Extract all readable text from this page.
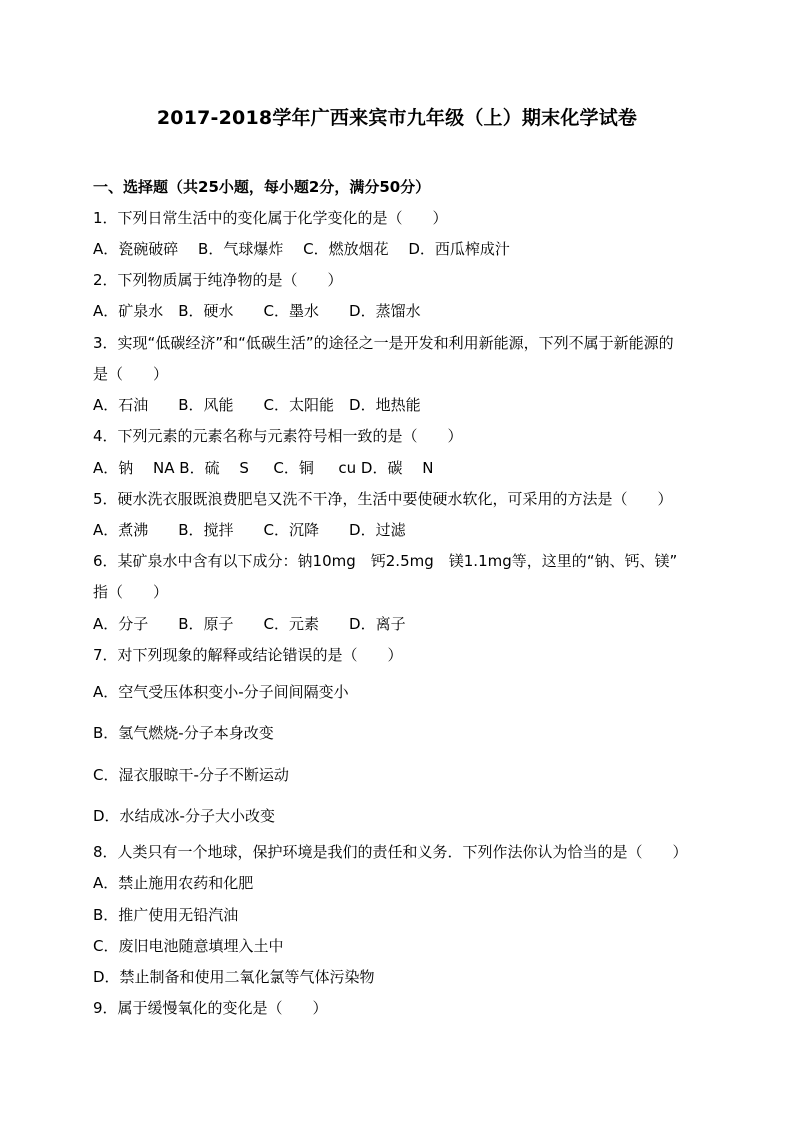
2017-2018学年广西来宾市九年级（上）期末化学试卷
一、选择题（共25小题，每小题2分，满分50分）
1．下列日常生活中的变化属于化学变化的是（　　）
A．瓷碗破碎　 B．气球爆炸　 C．燃放烟花　 D．西瓜榨成汁
2．下列物质属于纯净物的是（　　）
A．矿泉水　B．硬水　　C．墨水　　D．蒸馏水
3．实现“低碳经济”和“低碳生活”的途径之一是开发和利用新能源，下列不属于新能源的
是（　　）
A．石油　　B．风能　　C．太阳能　D．地热能
4．下列元素的元素名称与元素符号相一致的是（　　）
A．钠　 NA B．硫　 S　  C．铜　  cu D．碳　 N
5．硬水洗衣服既浪费肥皂又洗不干净，生活中要使硬水软化，可采用的方法是（　　）
A．煮沸　　B．搅拌　　C．沉降　　D．过滤
6．某矿泉水中含有以下成分：钠10mg　钙2.5mg　镁1.1mg等，这里的“钠、钙、镁”
指（　　）
A．分子　　B．原子　　C．元素　　D．离子
7．对下列现象的解释或结论错误的是（　　）
A．空气受压体积变小-分子间间隔变小
B．氢气燃烧-分子本身改变
C．湿衣服晾干-分子不断运动
D．水结成冰-分子大小改变
8．人类只有一个地球，保护环境是我们的责任和义务．下列作法你认为恰当的是（　　）
A．禁止施用农药和化肥
B．推广使用无铅汽油
C．废旧电池随意填埋入土中
D．禁止制备和使用二氧化氯等气体污染物
9．属于缓慢氧化的变化是（　　）
